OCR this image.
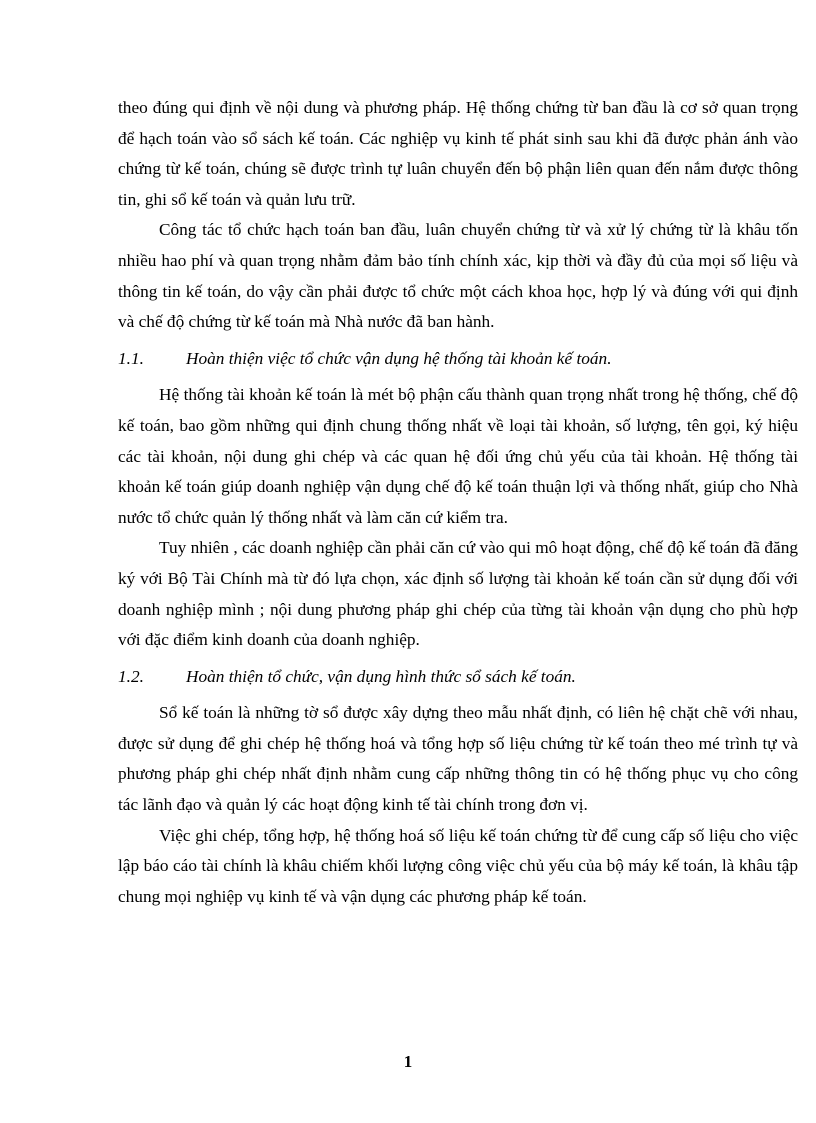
theo đúng qui định về nội dung và phương pháp. Hệ thống chứng từ ban đầu là cơ sở quan trọng để hạch toán vào sổ sách kế toán. Các nghiệp vụ kinh tế phát sinh sau khi đã được phản ánh vào chứng từ kế toán, chúng sẽ được trình tự luân chuyển đến bộ phận liên quan đến nắm được thông tin, ghi sổ kế toán và quản lưu trữ.

Công tác tổ chức hạch toán ban đầu, luân chuyển chứng từ và xử lý chứng từ là khâu tốn nhiều hao phí và quan trọng nhằm đảm bảo tính chính xác, kịp thời và đầy đủ của mọi số liệu và thông tin kế toán, do vậy cần phải được tổ chức một cách khoa học, hợp lý và đúng với qui định và chế độ chứng từ kế toán mà Nhà nước đã ban hành.

1.1.	Hoàn thiện việc tổ chức vận dụng hệ thống tài khoản kế toán.

Hệ thống tài khoản kế toán là mét bộ phận cấu thành quan trọng nhất trong hệ thống, chế độ kế toán, bao gồm những qui định chung thống nhất về loại tài khoản, số lượng, tên gọi, ký hiệu các tài khoản, nội dung ghi chép và các quan hệ đối ứng chủ yếu của tài khoản. Hệ thống tài khoản kế toán giúp doanh nghiệp vận dụng chế độ kế toán thuận lợi và thống nhất, giúp cho Nhà nước tổ chức quản lý thống nhất và làm căn cứ kiểm tra.

Tuy nhiên , các doanh nghiệp cần phải căn cứ vào qui mô hoạt động, chế độ kế toán đã đăng ký với Bộ Tài Chính mà từ đó lựa chọn, xác định số lượng tài khoản kế toán cần sử dụng đối với doanh nghiệp mình ; nội dung phương pháp ghi chép của từng tài khoản vận dụng cho phù hợp với đặc điểm kinh doanh của doanh nghiệp.

1.2.	Hoàn thiện tổ chức, vận dụng hình thức sổ sách kế toán.

Sổ kế toán là những tờ sổ được xây dựng theo mẫu nhất định, có liên hệ chặt chẽ với nhau, được sử dụng để ghi chép hệ thống hoá và tổng hợp số liệu chứng từ kế toán theo mé trình tự và phương pháp ghi chép nhất định nhằm cung cấp những thông tin có hệ thống phục vụ cho công tác lãnh đạo và quản lý các hoạt động kinh tế tài chính trong đơn vị.

Việc ghi chép, tổng hợp, hệ thống hoá số liệu kế toán chứng từ để cung cấp số liệu cho việc lập báo cáo tài chính là khâu chiếm khối lượng công việc chủ yếu của bộ máy kế toán, là khâu tập chung mọi nghiệp vụ kinh tế và vận dụng các phương pháp kế toán.

1
